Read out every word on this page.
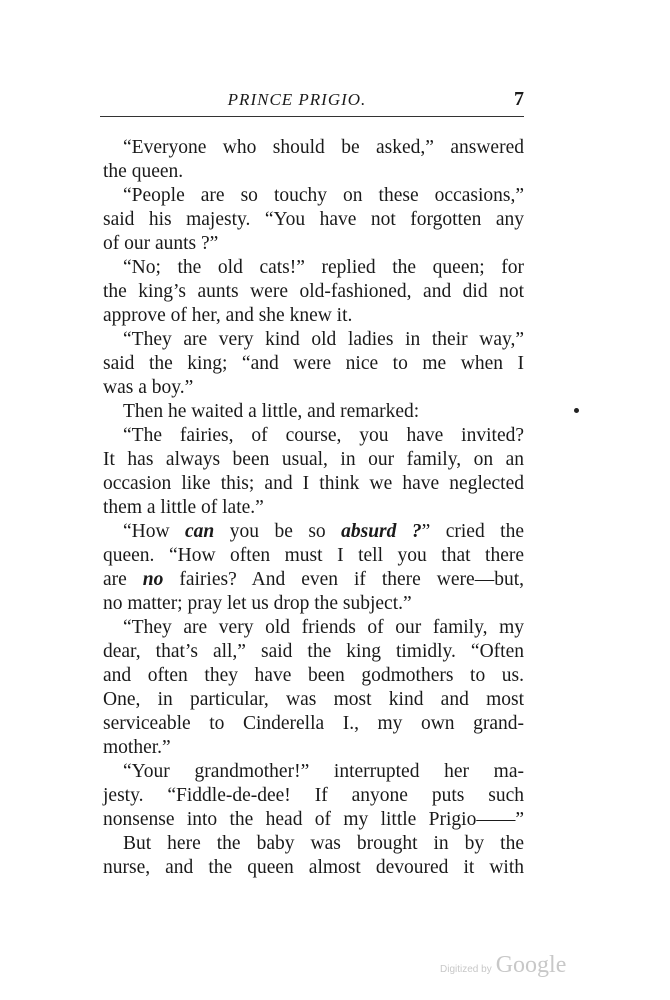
PRINCE PRIGIO.	7
“Everyone who should be asked,” answered
the queen.
“People are so touchy on these occasions,”
said his majesty. “You have not forgotten any
of our aunts ?”
“No; the old cats!” replied the queen; for
the king’s aunts were old-fashioned, and did not
approve of her, and she knew it.
“They are very kind old ladies in their way,”
said the king; “and were nice to me when I
was a boy.”
Then he waited a little, and remarked:
“The fairies, of course, you have invited?
It has always been usual, in our family, on an
occasion like this; and I think we have neglected
them a little of late.”
“How can you be so absurd ?” cried the
queen. “How often must I tell you that there
are no fairies? And even if there were—but,
no matter; pray let us drop the subject.”
“They are very old friends of our family, my
dear, that’s all,” said the king timidly. “Often
and often they have been godmothers to us.
One, in particular, was most kind and most
serviceable to Cinderella I., my own grand-
mother.”
“Your grandmother!” interrupted her ma-
jesty. “Fiddle-de-dee! If anyone puts such
nonsense into the head of my little Prigio——”
But here the baby was brought in by the
nurse, and the queen almost devoured it with
Digitized by Google
